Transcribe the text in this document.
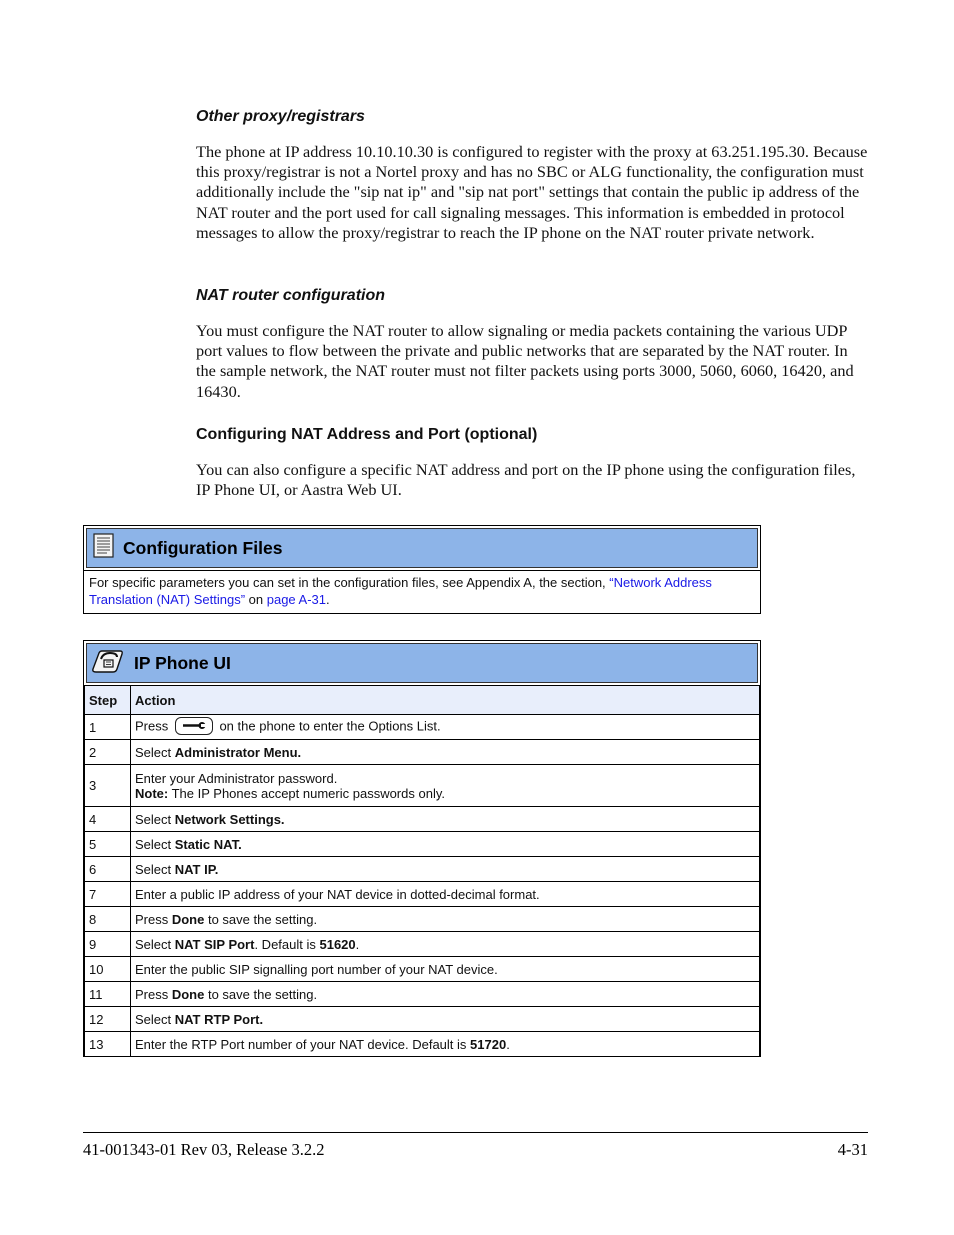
Other proxy/registrars

The phone at IP address 10.10.10.30 is configured to register with the proxy at 63.251.195.30. Because this proxy/registrar is not a Nortel proxy and has no SBC or ALG functionality, the configuration must additionally include the "sip nat ip" and "sip nat port" settings that contain the public ip address of the NAT router and the port used for call signaling messages. This information is embedded in protocol messages to allow the proxy/registrar to reach the IP phone on the NAT router private network.

NAT router configuration

You must configure the NAT router to allow signaling or media packets containing the various UDP port values to flow between the private and public networks that are separated by the NAT router. In the sample network, the NAT router must not filter packets using ports 3000, 5060, 6060, 16420, and 16430.

Configuring NAT Address and Port (optional)

You can also configure a specific NAT address and port on the IP phone using the configuration files, IP Phone UI, or Aastra Web UI.

Configuration Files
For specific parameters you can set in the configuration files, see Appendix A, the section, “Network Address Translation (NAT) Settings” on page A-31.
IP Phone UI
Step	Action
1	Press on the phone to enter the Options List.
2	Select Administrator Menu.
3	Enter your Administrator password.
Note: The IP Phones accept numeric passwords only.

4	Select Network Settings.
5	Select Static NAT.
6	Select NAT IP.
7	Enter a public IP address of your NAT device in dotted-decimal format.
8	Press Done to save the setting.
9	Select NAT SIP Port. Default is 51620.
10	Enter the public SIP signalling port number of your NAT device.
11	Press Done to save the setting.
12	Select NAT RTP Port.
13	Enter the RTP Port number of your NAT device. Default is 51720.
41-001343-01 Rev 03, Release 3.2.2	4-31
